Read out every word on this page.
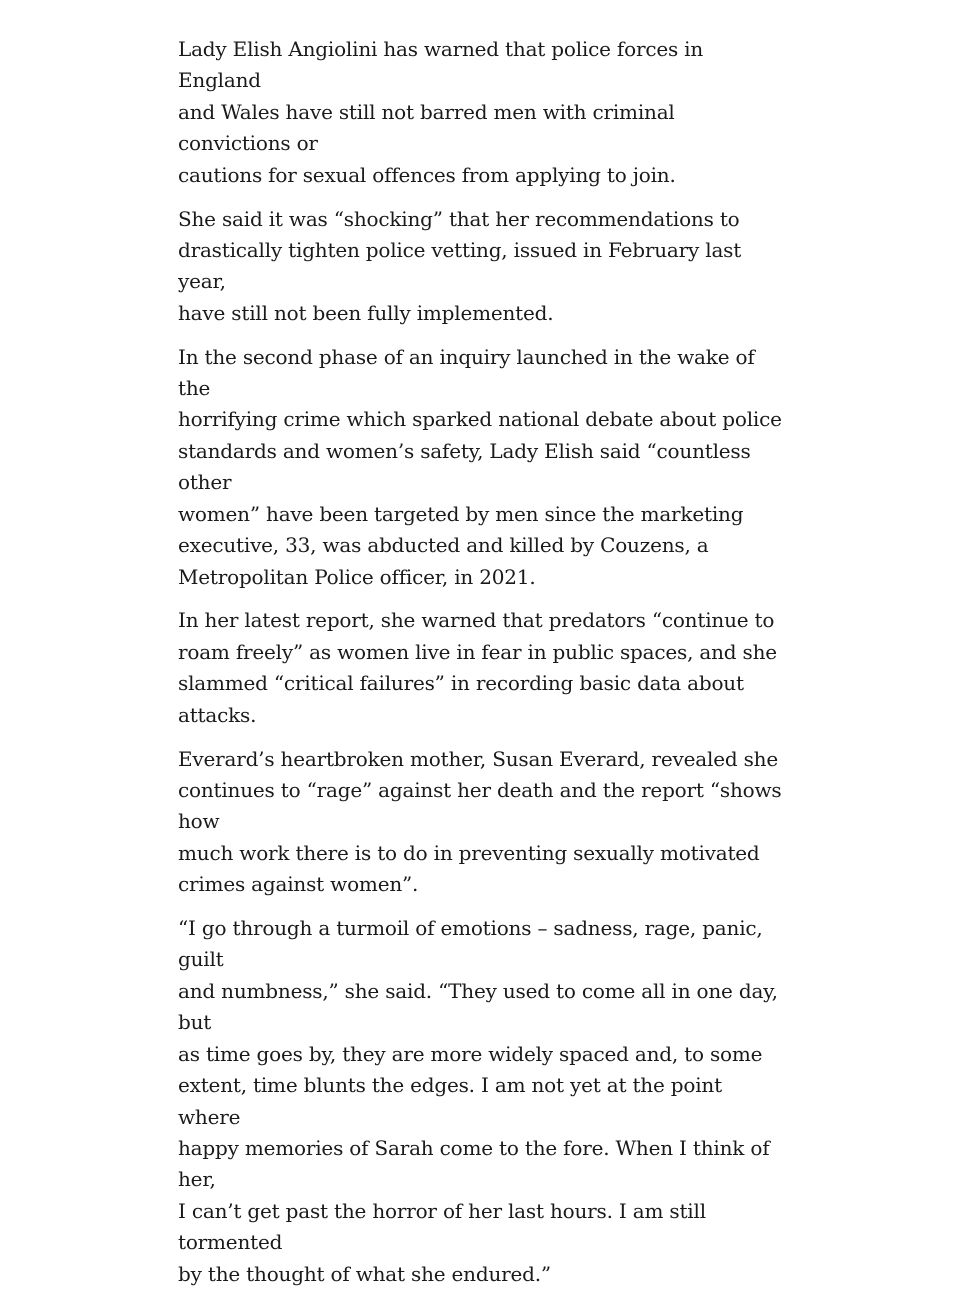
Lady Elish Angiolini has warned that police forces in England
and Wales have still not barred men with criminal convictions or
cautions for sexual offences from applying to join.

She said it was “shocking” that her recommendations to
drastically tighten police vetting, issued in February last year,
have still not been fully implemented.

In the second phase of an inquiry launched in the wake of the
horrifying crime which sparked national debate about police
standards and women’s safety, Lady Elish said “countless other
women” have been targeted by men since the marketing
executive, 33, was abducted and killed by Couzens, a
Metropolitan Police officer, in 2021.

In her latest report, she warned that predators “continue to
roam freely” as women live in fear in public spaces, and she
slammed “critical failures” in recording basic data about attacks.

Everard’s heartbroken mother, Susan Everard, revealed she
continues to “rage” against her death and the report “shows how
much work there is to do in preventing sexually motivated
crimes against women”.

“I go through a turmoil of emotions – sadness, rage, panic, guilt
and numbness,” she said. “They used to come all in one day, but
as time goes by, they are more widely spaced and, to some
extent, time blunts the edges. I am not yet at the point where
happy memories of Sarah come to the fore. When I think of her,
I can’t get past the horror of her last hours. I am still tormented
by the thought of what she endured.”
